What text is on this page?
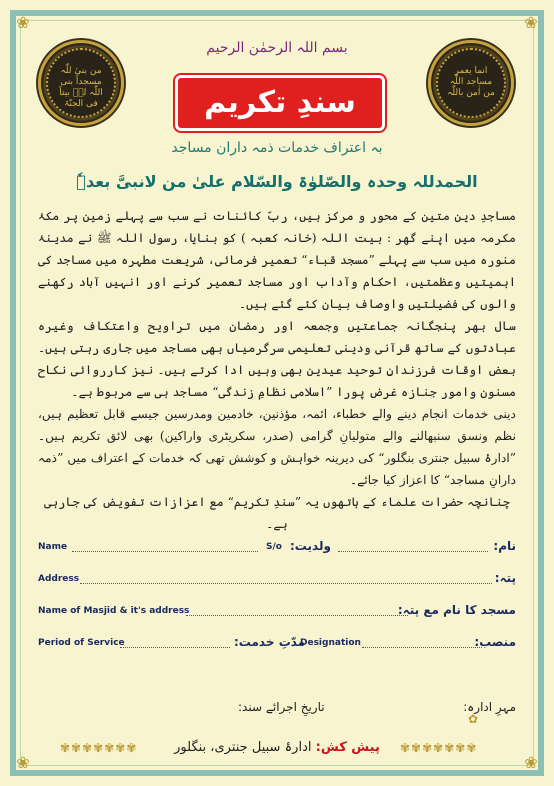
❀	❀
❀	❀
من بنیٰ للّٰہ مسجداً بنی اللّٰہ لہٗ بیتاً فی الجنّۃ
انما یعمر مساجد اللّٰہ من اٰمن باللّٰہ
بسم اللہ الرحمٰن الرحیم
سندِ تکریم
بہ اعتراف خدمات ذمہ داران مساجد
الحمدللہ وحدہ والصّلوٰۃ والسّلام علیٰ من لانبیَّ بعدہٗ

مساجدِ دین متین کے محور و مرکز ہیں، ربّ کائنات نے سب سے پہلے زمین پر مکۂ مکرمہ میں اپنے گھر : بیت اللہ (خانہ کعبہ ) کو بنایا، رسول اللہ ﷺ نے مدینۂ منورہ میں سب سے پہلے ”مسجد قباء“ تعمیر فرمائی، شریعت مطہرہ میں مساجد کی اہمیتیں وعظمتیں، احکام وآداب اور مساجد تعمیر کرنے اور انہیں آباد رکھنے والوں کی فضیلتیں واوصاف بیان کئے گئے ہیں۔

سال بھر پنجگانہ جماعتیں وجمعہ اور رمضان میں تراویح واعتکاف وغیرہ عبادتوں کے ساتھ قرآنی ودینی تعلیمی سرگرمیاں بھی مساجد میں جاری رہتی ہیں۔ بعض اوقات فرزندانِ توحید عیدین بھی وہیں ادا کرتے ہیں۔ نیز کارروائی نکاح مسنون وامور جنازہ غرض پورا ”اسلامی نظامِ زندگی“ مساجد ہی سے مربوط ہے۔

دینی خدمات انجام دینے والے خطباء، ائمہ، مؤذنین، خادمین ومدرسین جیسے قابل تعظیم ہیں، نظم ونسق سنبھالنے والے متولیانِ گرامی (صدر، سکریٹری واراکین) بھی لائق تکریم ہیں۔ ”ادارۂ سبیل جنتری بنگلور“ کی دیرینہ خواہش و کوشش تھی کہ خدمات کے اعتراف میں ”ذمہ دارانِ مساجد“ کا اعزاز کیا جائے۔

چنانچہ حضرات علماء کے ہاتھوں یہ ”سندِ تکریم“ مع اعزازات تفویض کی جارہی ہے۔

Name	S/o ولدیت:	نام:
Address	پتہ:
Name of Masjid & it's address	مسجد کا نام مع پتہ:
Period of Service	مدّتِ خدمت:
Designation	منصب:
مہرِ ادارہ:
تاریخِ اجرائے سند:
✿
✾✾✾✾✾✾✾	پیش کش: ادارۂ سبیل جنتری، بنگلور	✾✾✾✾✾✾✾
